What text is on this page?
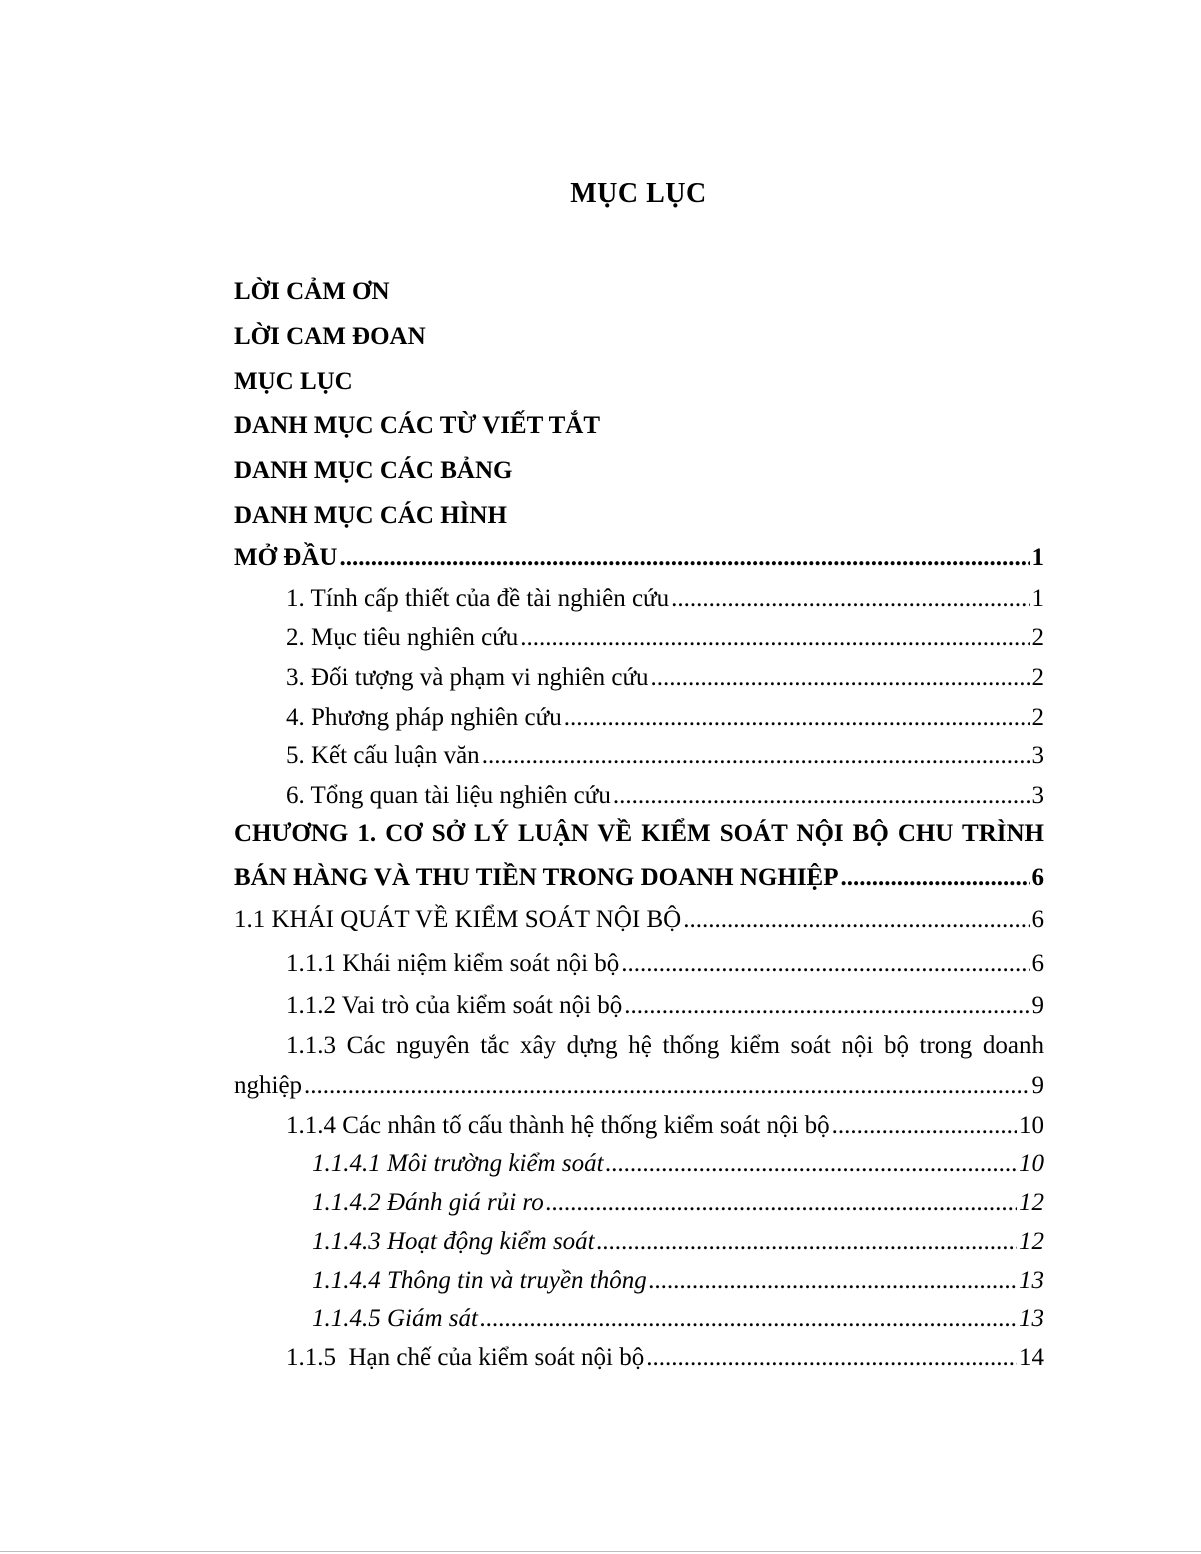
MỤC LỤC
LỜI CẢM ƠN
LỜI CAM ĐOAN
MỤC LỤC
DANH MỤC CÁC TỪ VIẾT TẮT
DANH MỤC CÁC BẢNG
DANH MỤC CÁC HÌNH
MỞ ĐẦU .....	1
1. Tính cấp thiết của đề tài nghiên cứu .....	1
2. Mục tiêu nghiên cứu .....	2
3. Đối tượng và phạm vi nghiên cứu .....	2
4. Phương pháp nghiên cứu .....	2
5. Kết cấu luận văn .....	3
6. Tổng quan tài liệu nghiên cứu .....	3
CHƯƠNG 1. CƠ SỞ LÝ LUẬN VỀ KIỂM SOÁT NỘI BỘ CHU TRÌNH
BÁN HÀNG VÀ THU TIỀN TRONG DOANH NGHIỆP .....	6
1.1 KHÁI QUÁT VỀ KIỂM SOÁT NỘI BỘ .....	6
1.1.1 Khái niệm kiểm soát nội bộ .....	6
1.1.2 Vai trò của kiểm soát nội bộ .....	9
1.1.3 Các nguyên tắc xây dựng hệ thống kiểm soát nội bộ trong doanh
nghiệp .....	9
1.1.4 Các nhân tố cấu thành hệ thống kiểm soát nội bộ .....	10
1.1.4.1 Môi trường kiểm soát .....	10
1.1.4.2 Đánh giá rủi ro .....	12
1.1.4.3 Hoạt động kiểm soát .....	12
1.1.4.4 Thông tin và truyền thông .....	13
1.1.4.5 Giám sát .....	13
1.1.5  Hạn chế của kiểm soát nội bộ .....	14
